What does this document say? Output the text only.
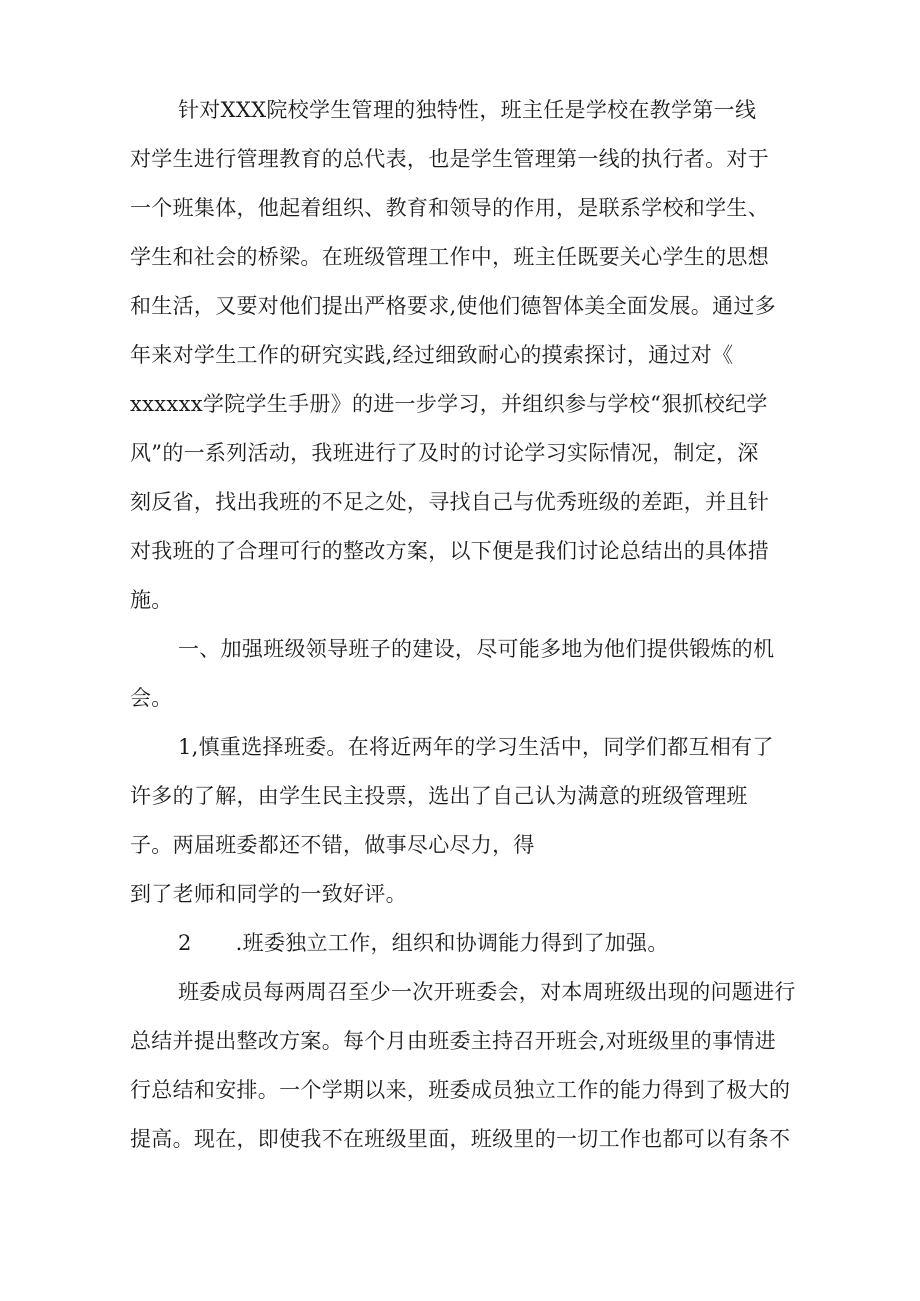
针对XXX院校学生管理的独特性，班主任是学校在教学第一线
对学生进行管理教育的总代表，也是学生管理第一线的执行者。对于
一个班集体，他起着组织、教育和领导的作用，是联系学校和学生、
学生和社会的桥梁。在班级管理工作中，班主任既要关心学生的思想
和生活，又要对他们提出严格要求,使他们德智体美全面发展。通过多
年来对学生工作的研究实践,经过细致耐心的摸索探讨，通过对《
xxxxxx学院学生手册》的进一步学习，并组织参与学校“狠抓校纪学
风”的一系列活动，我班进行了及时的讨论学习实际情况，制定，深
刻反省，找出我班的不足之处，寻找自己与优秀班级的差距，并且针
对我班的了合理可行的整改方案，以下便是我们讨论总结出的具体措
施。
一、加强班级领导班子的建设，尽可能多地为他们提供锻炼的机
会。
1,慎重选择班委。在将近两年的学习生活中，同学们都互相有了
许多的了解，由学生民主投票，选出了自己认为满意的班级管理班
子。两届班委都还不错，做事尽心尽力，得
到了老师和同学的一致好评。
2 .班委独立工作，组织和协调能力得到了加强。
班委成员每两周召至少一次开班委会，对本周班级出现的问题进行
总结并提出整改方案。每个月由班委主持召开班会,对班级里的事情进
行总结和安排。一个学期以来，班委成员独立工作的能力得到了极大的
提高。现在，即使我不在班级里面，班级里的一切工作也都可以有条不
